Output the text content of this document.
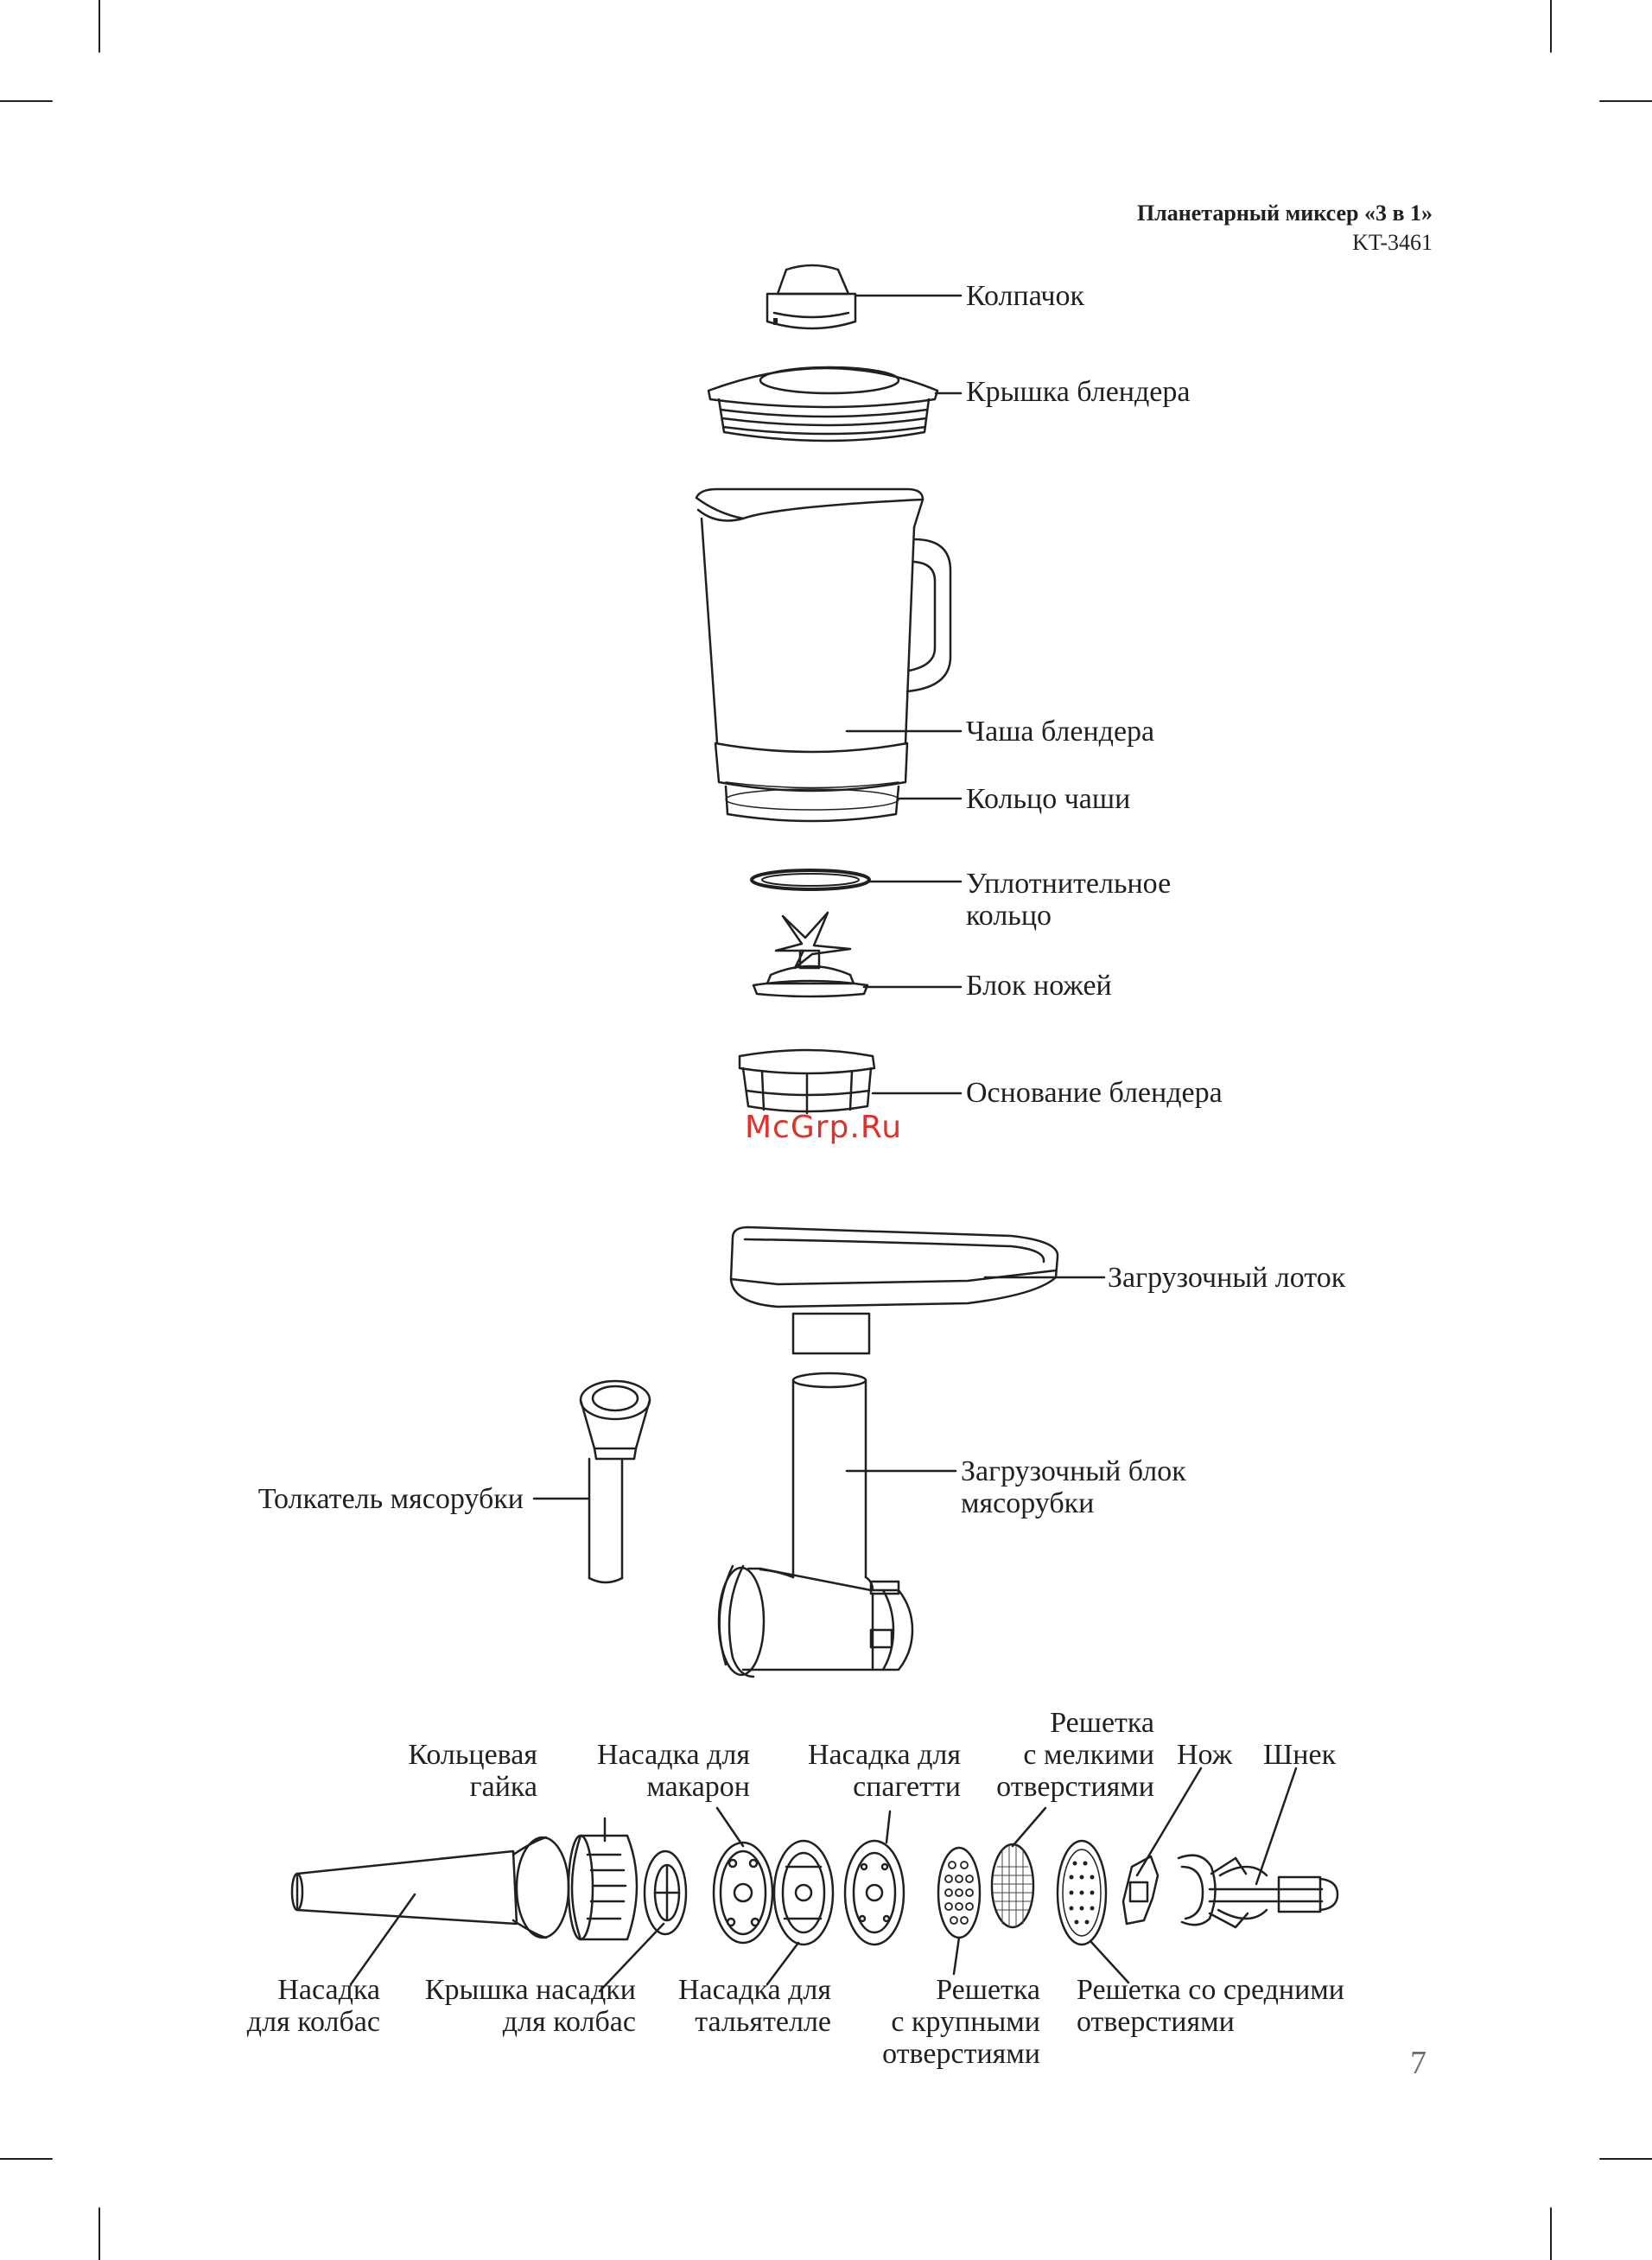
Планетарный миксер «3 в 1»
KT-3461
Колпачок
Крышка блендера
Чаша блендера
Кольцо чаши
Уплотнительное
кольцо
Блок ножей
Основание блендера
McGrp.Ru
Загрузочный лоток
Загрузочный блок
мясорубки
Толкатель мясорубки
Кольцевая
гайка
Насадка для
макарон
Насадка для
спагетти
Решетка
с мелкими
отверстиями
Нож Шнек
Насадка
для колбас
Крышка насадки
для колбас
Насадка для
тальятелле
Решетка
с крупными
отверстиями
Решетка со средними
отверстиями
7
